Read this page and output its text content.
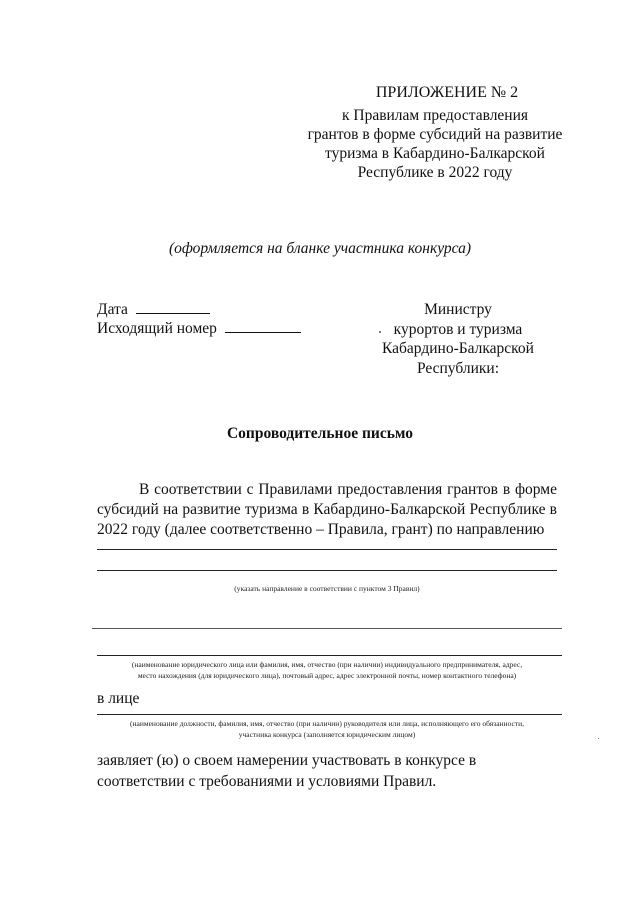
ПРИЛОЖЕНИЕ № 2
к Правилам предоставления
грантов в форме субсидий на развитие
туризма в Кабардино-Балкарской
Республике в 2022 году
(оформляется на бланке участника конкурса)
Дата
Исходящий номер
Министру
курортов и туризма
Кабардино-Балкарской
Республики:
Сопроводительное письмо
В соответствии с Правилами предоставления грантов в форме субсидий на развитие туризма в Кабардино-Балкарской Республике в 2022 году (далее соответственно – Правила, грант) по направлению
(указать направление в соответствии с пунктом 3 Правил)
(наименование юридического лица или фамилия, имя, отчество (при наличии) индивидуального предпринимателя, адрес,
место нахождения (для юридического лица), почтовый адрес, адрес электронной почты, номер контактного телефона)
в лице
(наименование должности, фамилия, имя, отчество (при наличии) руководителя или лица, исполняющего его обязанности,
участника конкурса (заполняется юридическим лицом)
заявляет (ю) о своем намерении участвовать в конкурсе в соответствии с требованиями и условиями Правил.
